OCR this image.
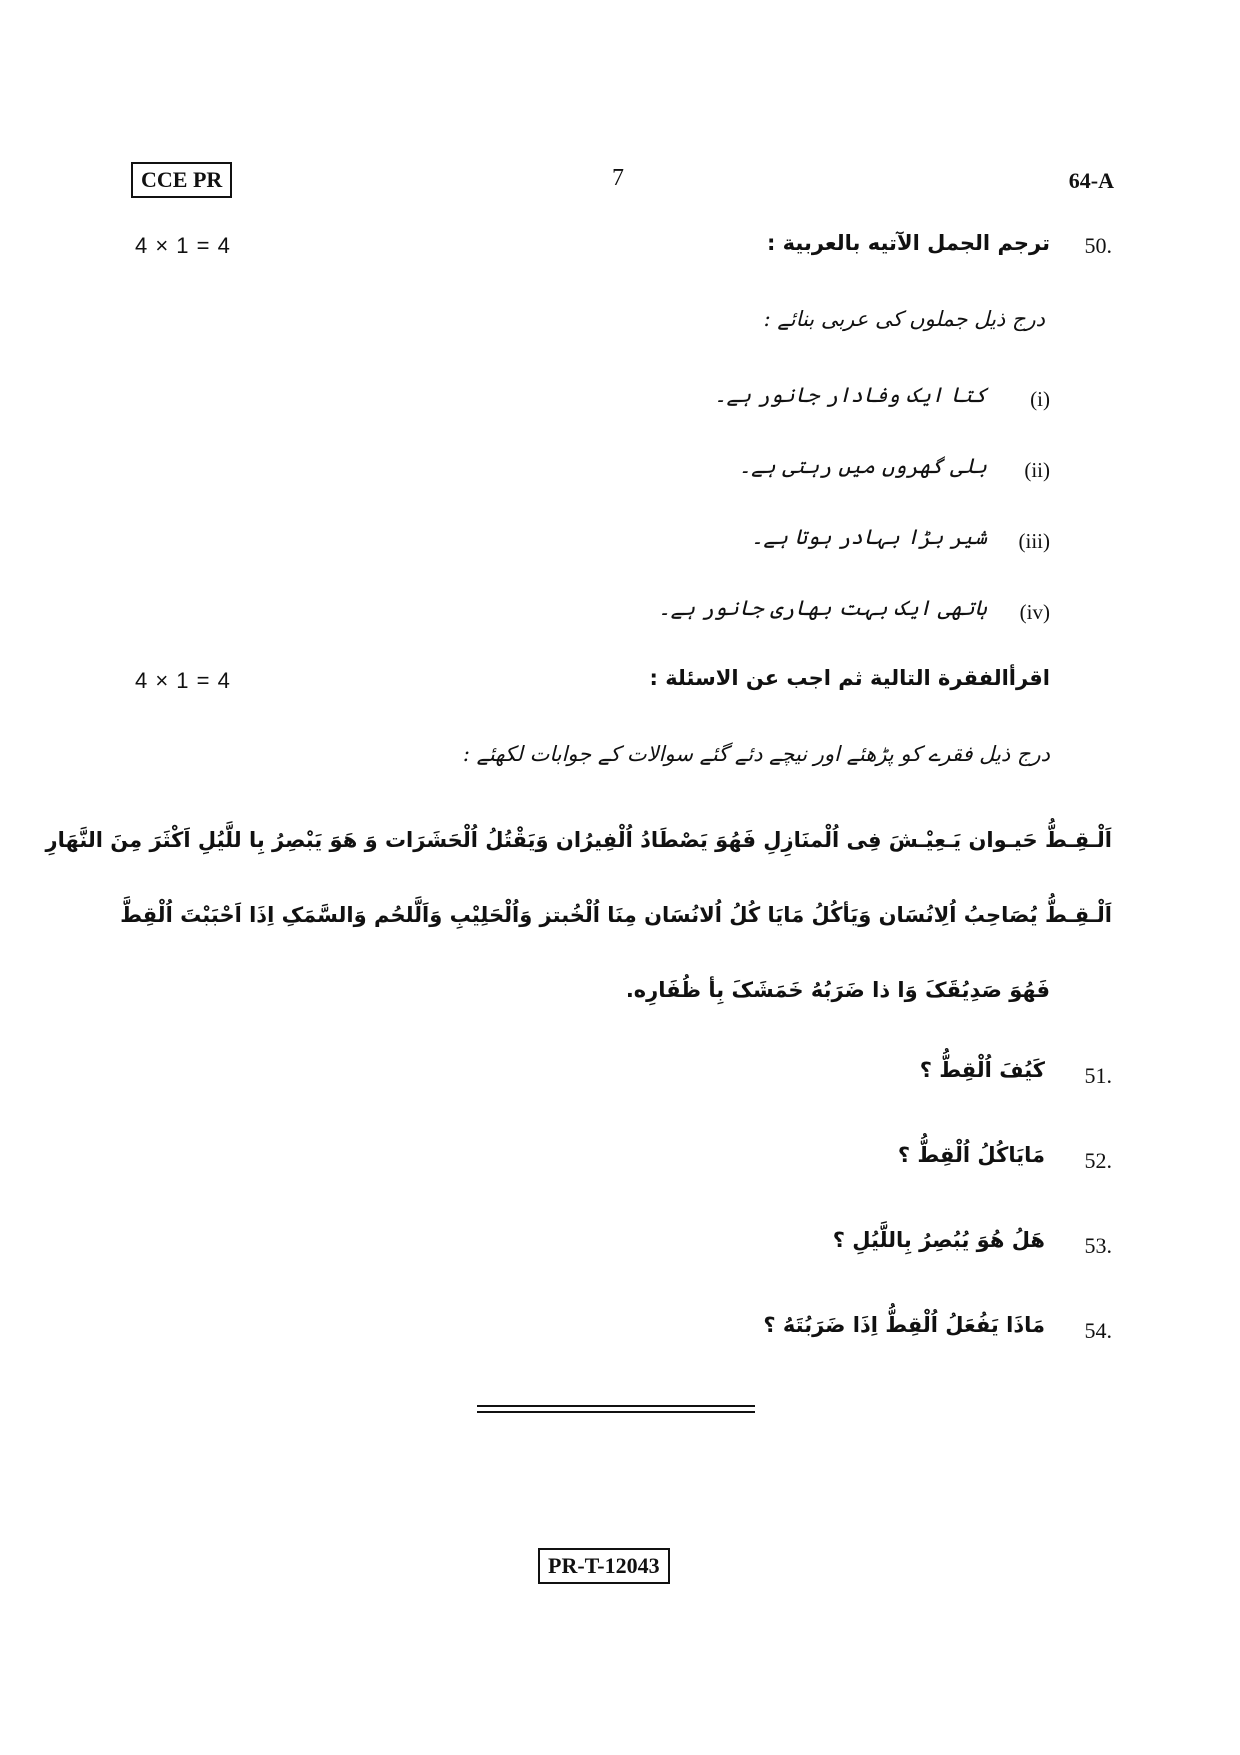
CCE PR	7	64-A
4 × 1 = 4	50.
ترجم الجمل الآتيه بالعربية :
درج ذیل جملوں کی عربی بنائے :
(i)
کتا ایک وفادار جانور ہے۔
(ii)
بلی گھروں میں رہتی ہے۔
(iii)
شیر بڑا بہادر ہوتا ہے۔
(iv)
ہاتھی ایک بہت بھاری جانور ہے۔
4 × 1 = 4	اقرأالفقرة التالية ثم اجب عن الاسئلة :
درج ذیل فقرے کو پڑھئے اور نیچے دئے گئے سوالات کے جوابات لکھئے :
اَلْـقِـطُّ حَیـوان یَـعِیْـشَ فِی اُلْمنَازِلِ فَهُوَ یَصْطَادُ اُلْفِیرُان وَیَقْتُلُ اُلْحَشَرَات وَ هَوَ یَبْصِرُ بِا للَّیُلِ اَکْثَرَ مِنَ النَّهَارِ
اَلْـقِـطُّ یُصَاحِبُ اُلِانُسَان وَیَأکُلُ مَایَا کُلُ اُلانُسَان مِنَا اُلْخُبتز وَاُلْحَلِیْبِ وَاَلَّلحُم وَالسَّمَکِ اِذَا اَحْبَبْتَ اُلْقِطَّ
فَهُوَ صَدِیُقَکَ وَا ذا ضَرَبُهُ خَمَشَکَ بِأ ظُفَارِه.
51.
کَیُفَ اُلْقِطُّ ؟
52.
مَایَاکُلُ اُلْقِطُّ ؟
53.
هَلُ هُوَ یُبُصِرُ بِاللَّیُلِ ؟
54.
مَاذَا یَفُعَلُ اُلْقِطُّ اِذَا ضَرَبُتَهُ ؟
PR-T-12043
